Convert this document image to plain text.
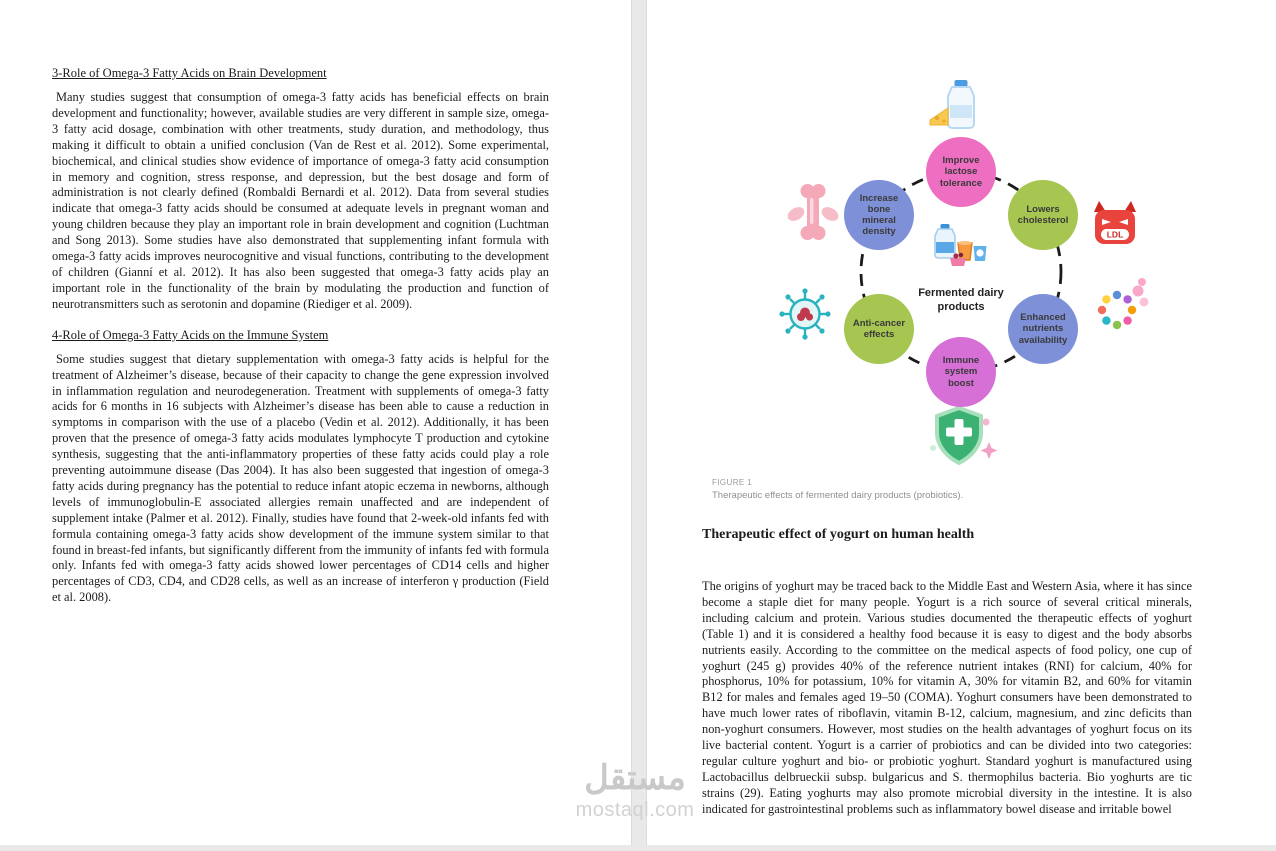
3-Role of Omega-3 Fatty Acids on Brain Development

Many studies suggest that consumption of omega-3 fatty acids has beneficial effects on brain development and functionality; however, available studies are very different in sample size, omega-3 fatty acid dosage, combination with other treatments, study duration, and methodology, thus making it difficult to obtain a unified conclusion (Van de Rest et al. 2012). Some experimental, biochemical, and clinical studies show evidence of importance of omega-3 fatty acid consumption in memory and cognition, stress response, and depression, but the best dosage and form of administration is not clearly defined (Rombaldi Bernardi et al. 2012). Data from several studies indicate that omega-3 fatty acids should be consumed at adequate levels in pregnant woman and young children because they play an important role in brain development and cognition (Luchtman and Song 2013). Some studies have also demonstrated that supplementing infant formula with omega-3 fatty acids improves neurocognitive and visual functions, contributing to the development of children (Gianní et al. 2012). It has also been suggested that omega-3 fatty acids play an important role in the functionality of the brain by modulating the production and function of neurotransmitters such as serotonin and dopamine (Riediger et al. 2009).

4-Role of Omega-3 Fatty Acids on the Immune System

Some studies suggest that dietary supplementation with omega-3 fatty acids is helpful for the treatment of Alzheimer’s disease, because of their capacity to change the gene expression involved in inflammation regulation and neurodegeneration. Treatment with supplements of omega-3 fatty acids for 6 months in 16 subjects with Alzheimer’s disease has been able to cause a reduction in symptoms in comparison with the use of a placebo (Vedin et al. 2012). Additionally, it has been proven that the presence of omega-3 fatty acids modulates lymphocyte T production and cytokine synthesis, suggesting that the anti-inflammatory properties of these fatty acids could play a role preventing autoimmune disease (Das 2004). It has also been suggested that ingestion of omega-3 fatty acids during pregnancy has the potential to reduce infant atopic eczema in newborns, although levels of immunoglobulin-E associated allergies remain unaffected and are independent of supplement intake (Palmer et al. 2012). Finally, studies have found that 2-week-old infants fed with formula containing omega-3 fatty acids show development of the immune system similar to that found in breast-fed infants, but significantly different from the immunity of infants fed with formula only. Infants fed with omega-3 fatty acids showed lower percentages of CD14 cells and higher percentages of CD3, CD4, and CD28 cells, as well as an increase of interferon γ production (Field et al. 2008).

LDL
Improve lactose tolerance
Lowers cholesterol
Increase bone mineral density
Enhanced nutrients availability
Anti-cancer effects
Immune system boost
Fermented dairy products
FIGURE 1
Therapeutic effects of fermented dairy products (probiotics).
Therapeutic effect of yogurt on human health

The origins of yoghurt may be traced back to the Middle East and Western Asia, where it has since become a staple diet for many people. Yogurt is a rich source of several critical minerals, including calcium and protein. Various studies documented the therapeutic effects of yoghurt (Table 1) and it is considered a healthy food because it is easy to digest and the body absorbs nutrients easily. According to the committee on the medical aspects of food policy, one cup of yoghurt (245 g) provides 40% of the reference nutrient intakes (RNI) for calcium, 40% for phosphorus, 10% for potassium, 10% for vitamin A, 30% for vitamin B2, and 60% for vitamin B12 for males and females aged 19–50 (COMA). Yoghurt consumers have been demonstrated to have much lower rates of riboflavin, vitamin B-12, calcium, magnesium, and zinc deficits than non-yoghurt consumers. However, most studies on the health advantages of yoghurt focus on its live bacterial content. Yogurt is a carrier of probiotics and can be divided into two categories: regular culture yoghurt and bio- or probiotic yoghurt. Standard yoghurt is manufactured using Lactobacillus delbrueckii subsp. bulgaricus and S. thermophilus bacteria. Bio yoghurts are tic strains (29). Eating yoghurts may also promote microbial diversity in the intestine. It is also indicated for gastrointestinal problems such as inflammatory bowel disease and irritable bowel

مستقل
mostaql.com
